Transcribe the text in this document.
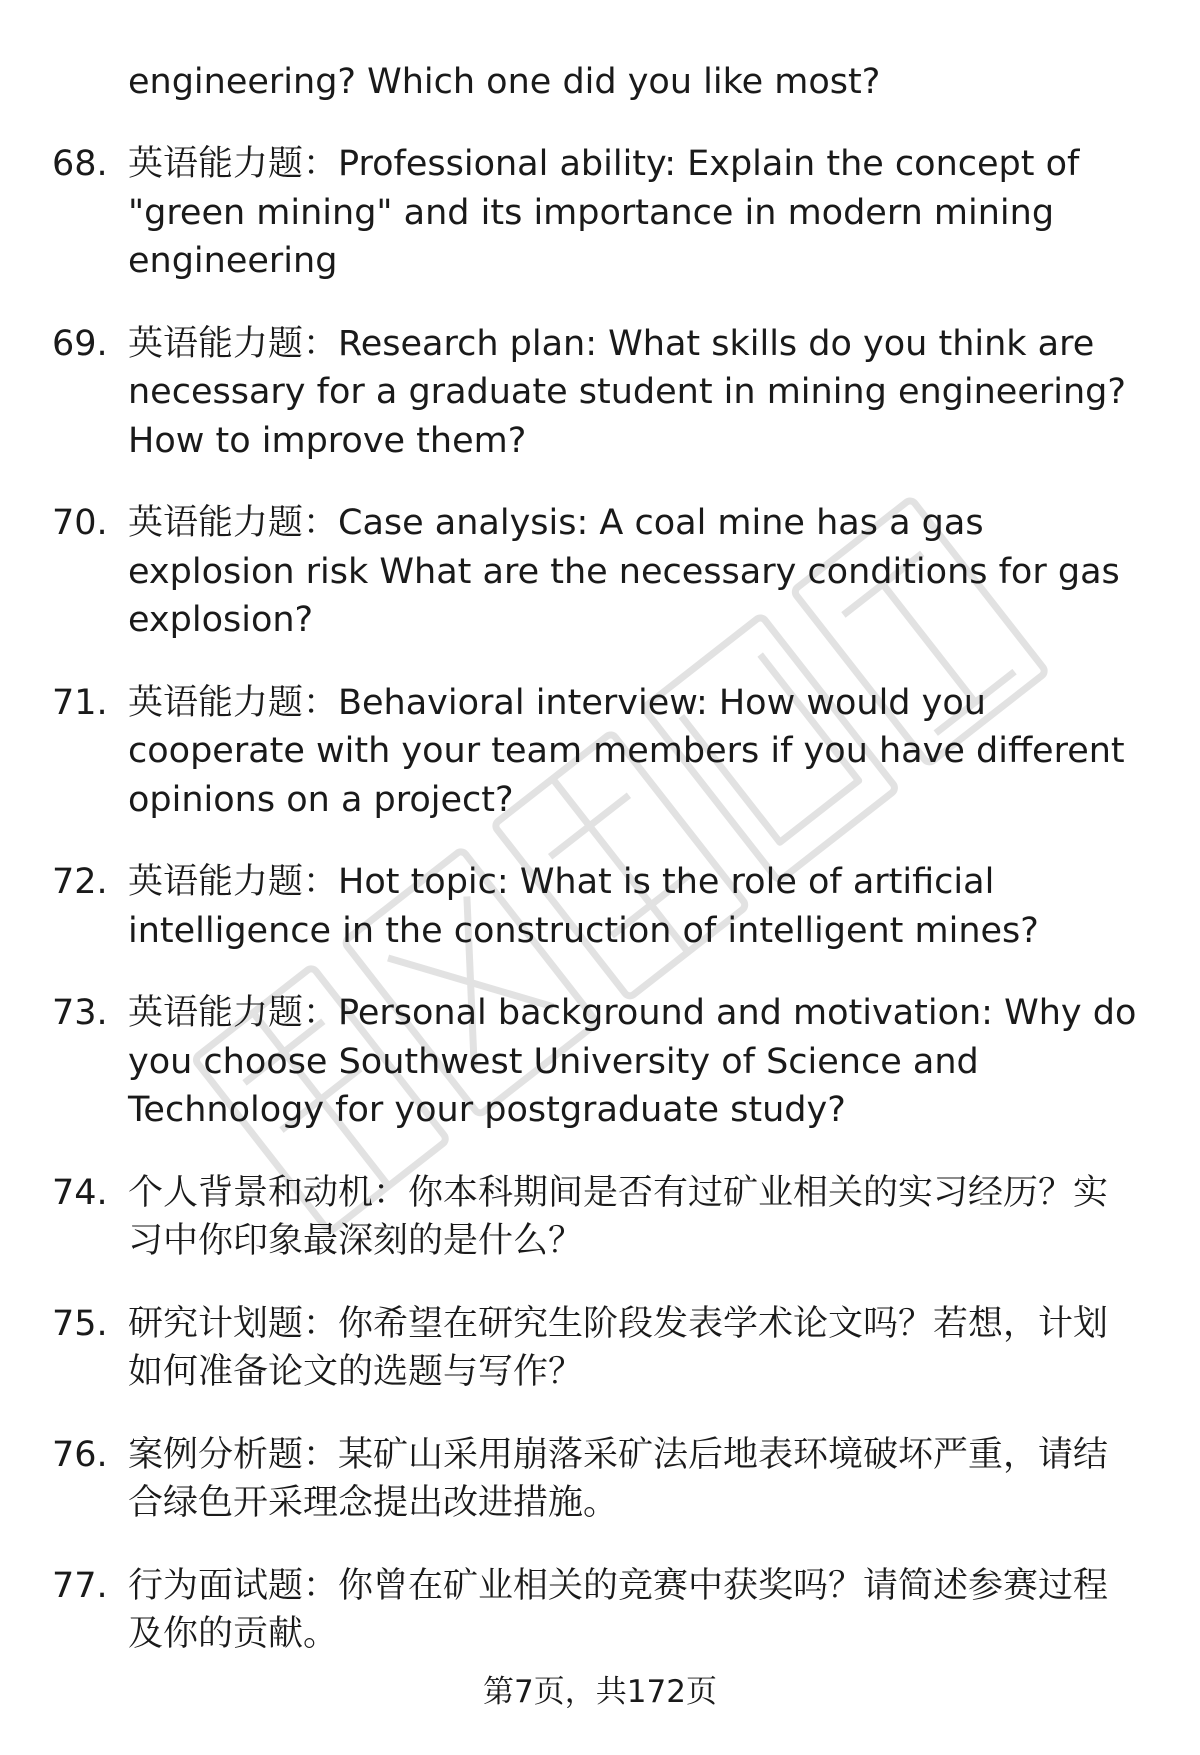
engineering? Which one did you like most?
68. 英语能力题：Professional ability: Explain the concept of "green mining" and its importance in modern mining engineering
69. 英语能力题：Research plan: What skills do you think are necessary for a graduate student in mining engineering? How to improve them?
70. 英语能力题：Case analysis: A coal mine has a gas explosion risk What are the necessary conditions for gas explosion?
71. 英语能力题：Behavioral interview: How would you cooperate with your team members if you have different opinions on a project?
72. 英语能力题：Hot topic: What is the role of artificial intelligence in the construction of intelligent mines?
73. 英语能力题：Personal background and motivation: Why do you choose Southwest University of Science and Technology for your postgraduate study?
74. 个人背景和动机：你本科期间是否有过矿业相关的实习经历？实习中你印象最深刻的是什么？
75. 研究计划题：你希望在研究生阶段发表学术论文吗？若想，计划如何准备论文的选题与写作？
76. 案例分析题：某矿山采用崩落采矿法后地表环境破坏严重，请结合绿色开采理念提出改进措施。
77. 行为面试题：你曾在矿业相关的竞赛中获奖吗？请简述参赛过程及你的贡献。
第7页，共172页
